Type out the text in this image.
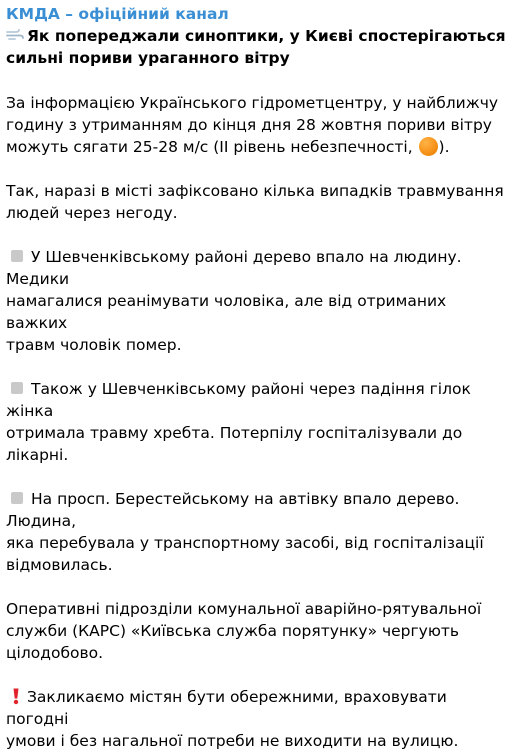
КМДА – офіційний канал

Як попереджали синоптики, у Києві спостерігаються

сильні пориви ураганного вітру

За інформацією Українського гідрометцентру, у найближчу

годину з утриманням до кінця дня 28 жовтня пориви вітру

можуть сягати 25-28 м/с (ІІ рівень небезпечності, ).

Так, наразі в місті зафіксовано кілька випадків травмування

людей через негоду.

У Шевченківському районі дерево впало на людину. Медики

намагалися реанімувати чоловіка, але від отриманих важких

травм чоловік помер.

Також у Шевченківському районі через падіння гілок жінка

отримала травму хребта. Потерпілу госпіталізували до лікарні.

На просп. Берестейському на автівку впало дерево. Людина,

яка перебувала у транспортному засобі, від госпіталізації

відмовилась.

Оперативні підрозділи комунальної аварійно-рятувальної

служби (КАРС) «Київська служба порятунку» чергують

цілодобово.

Закликаємо містян бути обережними, враховувати погодні

умови і без нагальної потреби не виходити на вулицю.
